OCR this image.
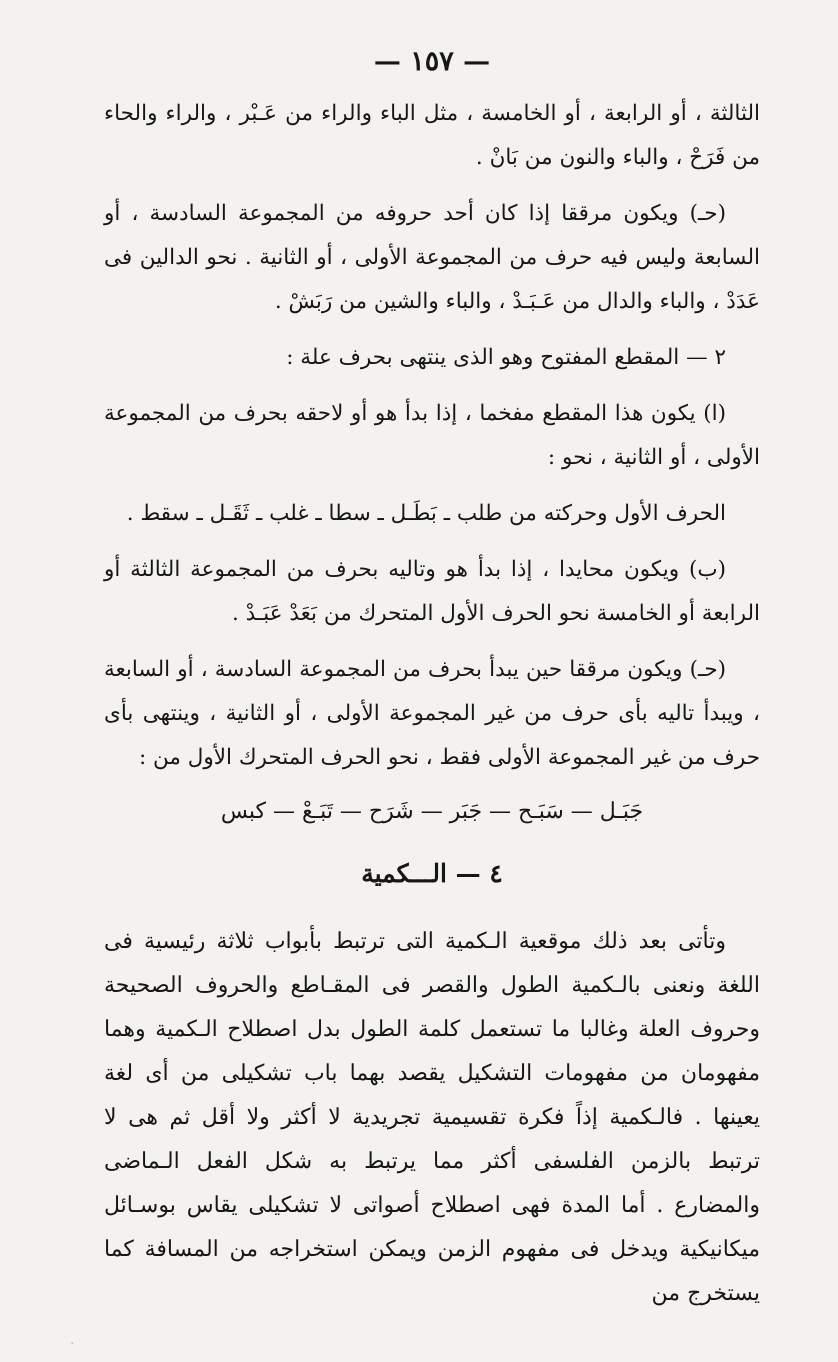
— ١٥٧ —

الثالثة ، أو الرابعة ، أو الخامسة ، مثل الباء والراء من عَـبْر ، والراء والحاء من فَرَحْ ، والباء والنون من بَانْ .

(حـ) ويكون مرققا إذا كان أحد حروفه من المجموعة السادسة ، أو السابعة وليس فيه حرف من المجموعة الأولى ، أو الثانية . نحو الدالين فى عَدَدْ ، والباء والدال من عَـبَـدْ ، والباء والشين من رَبَشْ .

٢ — المقطع المفتوح وهو الذى ينتهى بحرف علة :

(ا) يكون هذا المقطع مفخما ، إذا بدأ هو أو لاحقه بحرف من المجموعة الأولى ، أو الثانية ، نحو :

الحرف الأول وحركته من طلب ـ بَطَـل ـ سطا ـ غلب ـ ثَقَـل ـ سقط .

(ب) ويكون محايدا ، إذا بدأ هو وتاليه بحرف من المجموعة الثالثة أو الرابعة أو الخامسة نحو الحرف الأول المتحرك من بَعَدْ عَبَـدْ .

(حـ) ويكون مرققا حين يبدأ بحرف من المجموعة السادسة ، أو السابعة ، ويبدأ تاليه بأى حرف من غير المجموعة الأولى ، أو الثانية ، وينتهى بأى حرف من غير المجموعة الأولى فقط ، نحو الحرف المتحرك الأول من :

جَبَـل — سَبَـح — جَبَر — شَرَح — تَبَـعْ — كبس
٤ — الـــكمية

وتأتى بعد ذلك موقعية الـكمية التى ترتبط بأبواب ثلاثة رئيسية فى اللغة ونعنى بالـكمية الطول والقصر فى المقـاطع والحروف الصحيحة وحروف العلة وغالبا ما تستعمل كلمة الطول بدل اصطلاح الـكمية وهما مفهومان من مفهومات التشكيل يقصد بهما باب تشكيلى من أى لغة يعينها . فالـكمية إذاً فكرة تقسيمية تجريدية لا أكثر ولا أقل ثم هى لا ترتبط بالزمن الفلسفى أكثر مما يرتبط به شكل الفعل الـماضى والمضارع . أما المدة فهى اصطلاح أصواتى لا تشكيلى يقاس بوسـائل ميكانيكية ويدخل فى مفهوم الزمن ويمكن استخراجه من المسافة كما يستخرج من

·
